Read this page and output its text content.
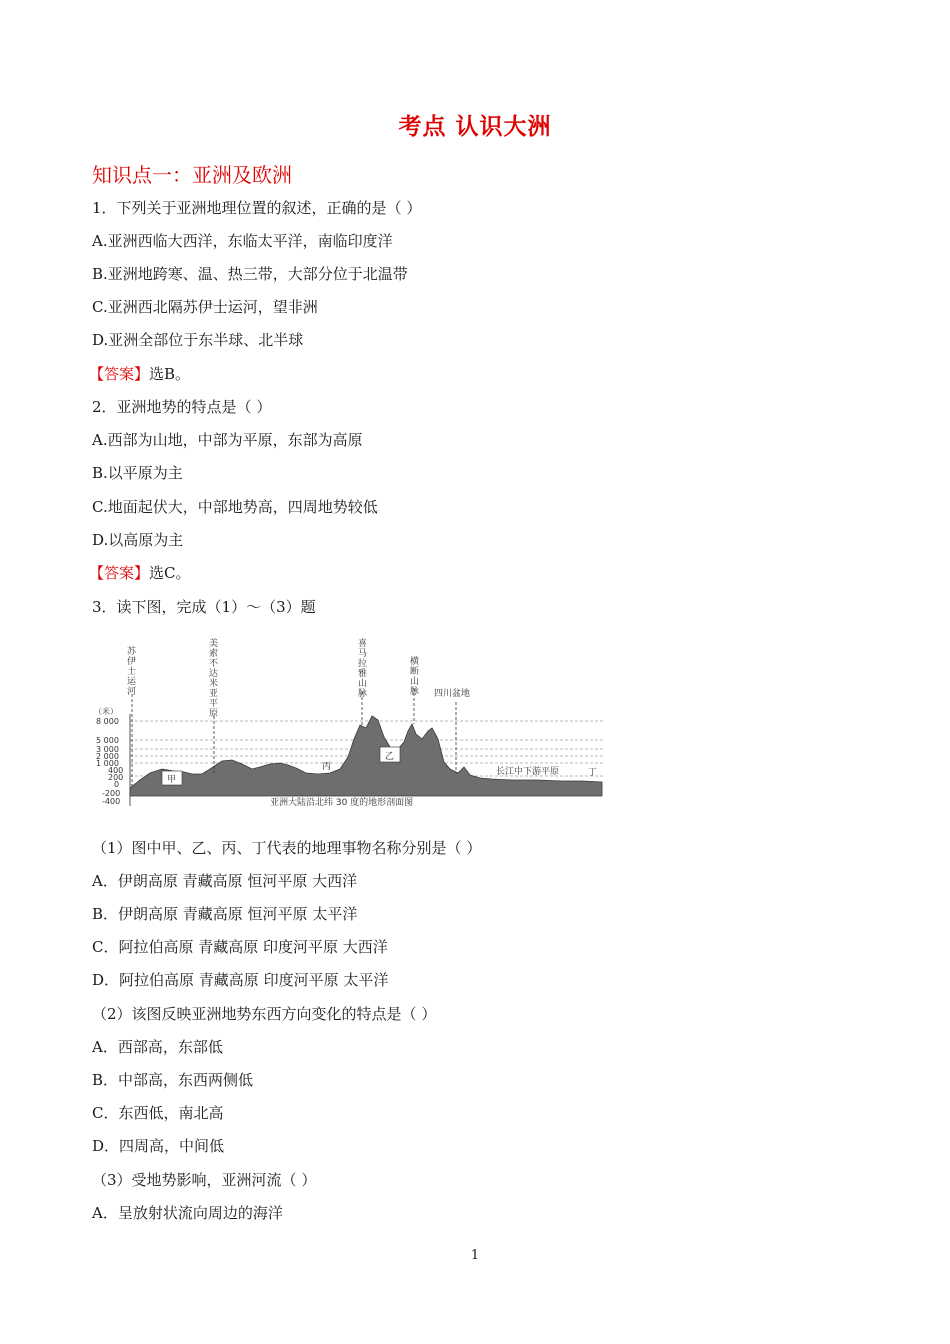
考点 认识大洲
知识点一：亚洲及欧洲
1．下列关于亚洲地理位置的叙述，正确的是（ ）
A.亚洲西临大西洋，东临太平洋，南临印度洋
B.亚洲地跨寒、温、热三带，大部分位于北温带
C.亚洲西北隔苏伊士运河，望非洲
D.亚洲全部位于东半球、北半球
【答案】选B。
2．亚洲地势的特点是（ ）
A.西部为山地，中部为平原，东部为高原
B.以平原为主
C.地面起伏大，中部地势高，四周地势较低
D.以高原为主
【答案】选C。
3．读下图，完成（1）～（3）题
（米）
8 000
5 000
3 000
2 000
1 000
400
200
0
-200
-400
苏伊士运河
美索不达米亚平原
喜马拉雅山脉
横断山脉 四川盆地
长江中下游平原
甲
乙
丙
丁
亚洲大陆沿北纬 30 度的地形剖面图
（1）图中甲、乙、丙、丁代表的地理事物名称分别是（ ）
A．伊朗高原 青藏高原 恒河平原 大西洋
B．伊朗高原 青藏高原 恒河平原 太平洋
C．阿拉伯高原 青藏高原 印度河平原 大西洋
D．阿拉伯高原 青藏高原 印度河平原 太平洋
（2）该图反映亚洲地势东西方向变化的特点是（ ）
A．西部高，东部低
B．中部高，东西两侧低
C．东西低，南北高
D．四周高，中间低
（3）受地势影响，亚洲河流（ ）
A．呈放射状流向周边的海洋
1
